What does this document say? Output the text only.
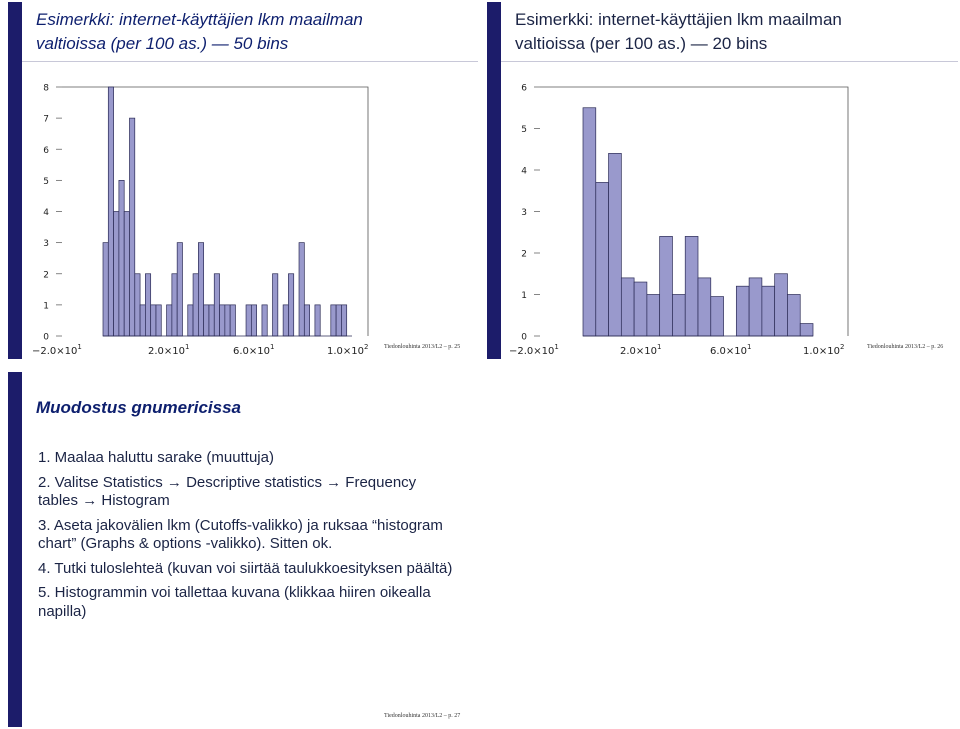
Esimerkki: internet-käyttäjien lkm maailman
valtioissa (per 100 as.) — 50 bins
0
1
2
3
4
5
6
7
8
$-2.0\times 10^1$	$2.0\times 10^1$	$6.0\times 10^1$	$1.0\times 10^2$	Tiedonlouhinta 2013/L2 – p. 25
Esimerkki: internet-käyttäjien lkm maailman
valtioissa (per 100 as.) — 20 bins
0
1
2
3
4
5
6
$-2.0\times 10^1$	$2.0\times 10^1$	$6.0\times 10^1$	$1.0\times 10^2$	Tiedonlouhinta 2013/L2 – p. 26
Muodostus gnumericissa
1. Maalaa haluttu sarake (muuttuja)
2. Valitse Statistics → Descriptive statistics → Frequency tables → Histogram
3. Aseta jakovälien lkm (Cutoffs-valikko) ja ruksaa “histogram chart” (Graphs & options -valikko). Sitten ok.
4. Tutki tuloslehteä (kuvan voi siirtää taulukkoesityksen päältä)
5. Histogrammin voi tallettaa kuvana (klikkaa hiiren oikealla napilla)
Tiedonlouhinta 2013/L2 – p. 27
